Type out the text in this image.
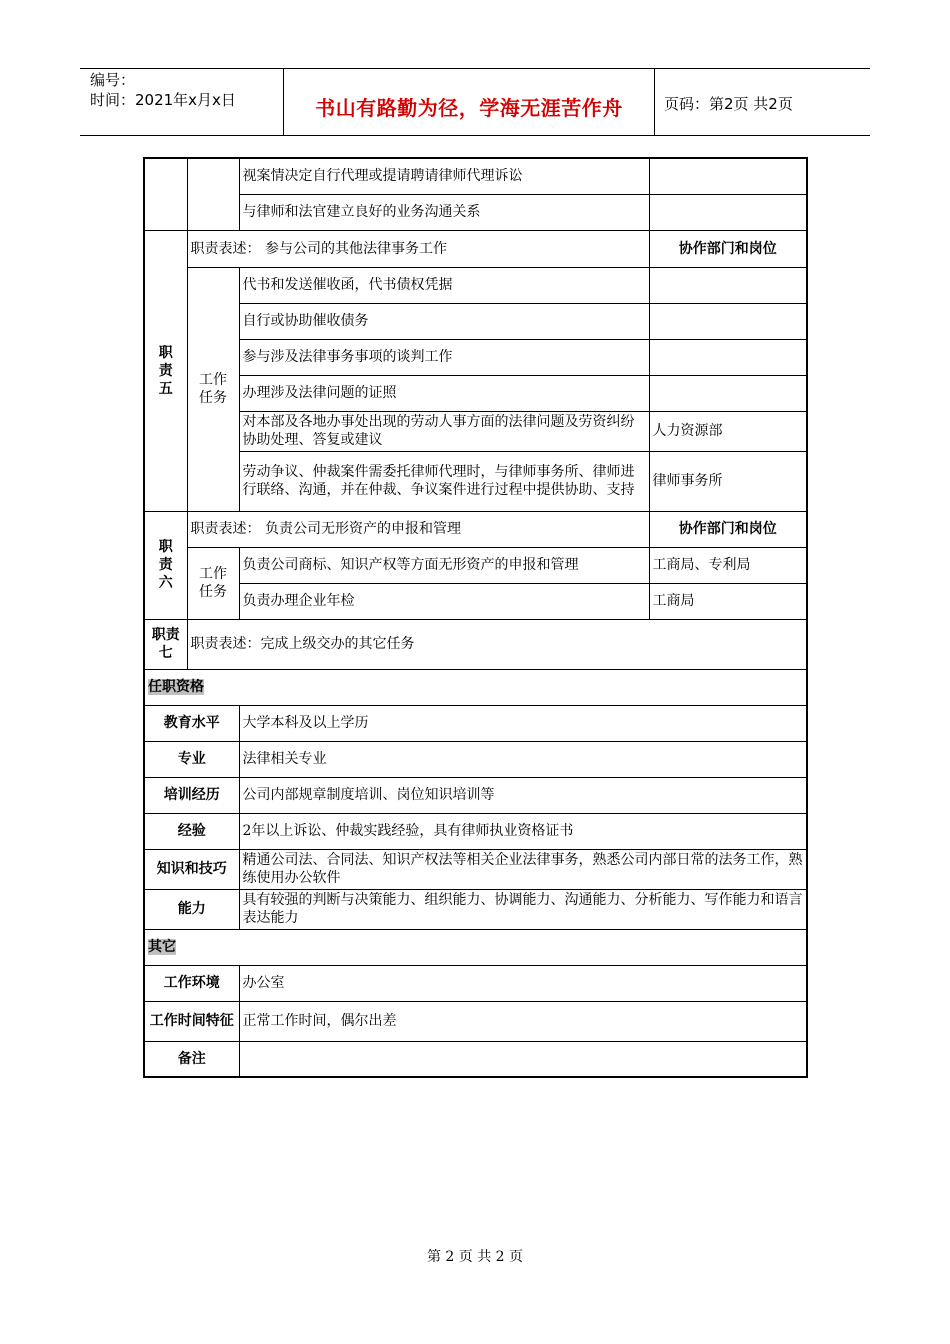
编号：
时间：2021年x月x日	书山有路勤为径，学海无涯苦作舟	页码：第2页 共2页
		视案情决定自行代理或提请聘请律师代理诉讼	
		与律师和法官建立良好的业务沟通关系	
职
责
五	职责表述： 参与公司的其他法律事务工作		协作部门和岗位
	工作
任务	代书和发送催收函，代书债权凭据	
		自行或协助催收债务	
		参与涉及法律事务事项的谈判工作	
		办理涉及法律问题的证照	
		对本部及各地办事处出现的劳动人事方面的法律问题及劳资纠纷协助处理、答复或建议	人力资源部
		劳动争议、仲裁案件需委托律师代理时，与律师事务所、律师进行联络、沟通，并在仲裁、争议案件进行过程中提供协助、支持	律师事务所
职
责
六	职责表述： 负责公司无形资产的申报和管理		协作部门和岗位
	工作
任务	负责公司商标、知识产权等方面无形资产的申报和管理	工商局、专利局
		负责办理企业年检	工商局
职责
七	职责表述：完成上级交办的其它任务		
任职资格			
教育水平		大学本科及以上学历	
专业		法律相关专业	
培训经历		公司内部规章制度培训、岗位知识培训等	
经验		2年以上诉讼、仲裁实践经验，具有律师执业资格证书	
知识和技巧		精通公司法、合同法、知识产权法等相关企业法律事务，熟悉公司内部日常的法务工作，熟练使用办公软件	
能力		具有较强的判断与决策能力、组织能力、协调能力、沟通能力、分析能力、写作能力和语言表达能力	
其它			
工作环境		办公室	
工作时间特征		正常工作时间，偶尔出差	
备注			
第 2 页 共 2 页
